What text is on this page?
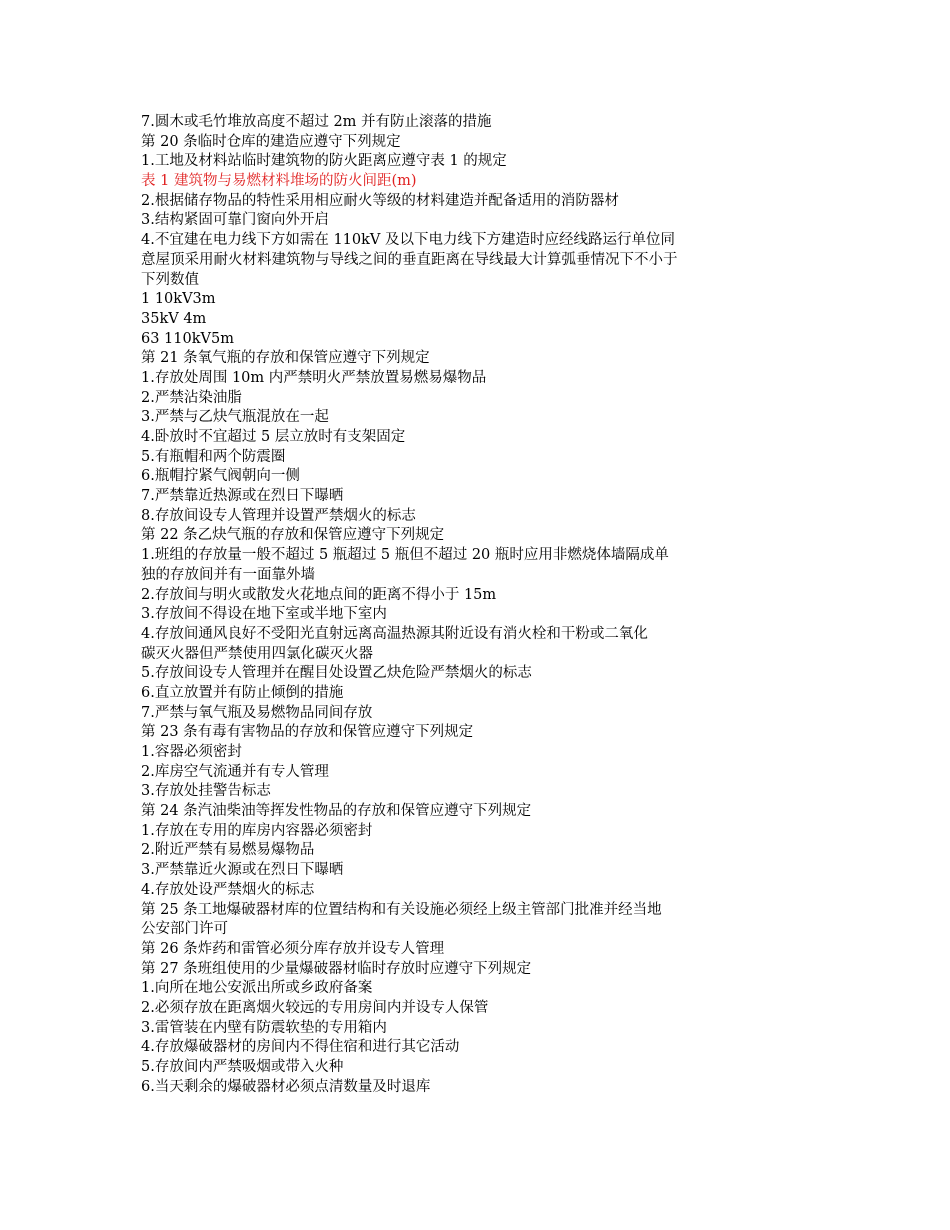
7.圆木或毛竹堆放高度不超过 2m 并有防止滚落的措施
第 20 条临时仓库的建造应遵守下列规定
1.工地及材料站临时建筑物的防火距离应遵守表 1 的规定
表 1 建筑物与易燃材料堆场的防火间距(m)
2.根据储存物品的特性采用相应耐火等级的材料建造并配备适用的消防器材
3.结构紧固可靠门窗向外开启
4.不宜建在电力线下方如需在 110kV 及以下电力线下方建造时应经线路运行单位同
意屋顶采用耐火材料建筑物与导线之间的垂直距离在导线最大计算弧垂情况下不小于
下列数值
1 10kV3m
35kV 4m
63 110kV5m
第 21 条氧气瓶的存放和保管应遵守下列规定
1.存放处周围 10m 内严禁明火严禁放置易燃易爆物品
2.严禁沾染油脂
3.严禁与乙炔气瓶混放在一起
4.卧放时不宜超过 5 层立放时有支架固定
5.有瓶帽和两个防震圈
6.瓶帽拧紧气阀朝向一侧
7.严禁靠近热源或在烈日下曝晒
8.存放间设专人管理并设置严禁烟火的标志
第 22 条乙炔气瓶的存放和保管应遵守下列规定
1.班组的存放量一般不超过 5 瓶超过 5 瓶但不超过 20 瓶时应用非燃烧体墙隔成单
独的存放间并有一面靠外墙
2.存放间与明火或散发火花地点间的距离不得小于 15m
3.存放间不得设在地下室或半地下室内
4.存放间通风良好不受阳光直射远离高温热源其附近设有消火栓和干粉或二氧化
碳灭火器但严禁使用四氯化碳灭火器
5.存放间设专人管理并在醒目处设置乙炔危险严禁烟火的标志
6.直立放置并有防止倾倒的措施
7.严禁与氧气瓶及易燃物品同间存放
第 23 条有毒有害物品的存放和保管应遵守下列规定
1.容器必须密封
2.库房空气流通并有专人管理
3.存放处挂警告标志
第 24 条汽油柴油等挥发性物品的存放和保管应遵守下列规定
1.存放在专用的库房内容器必须密封
2.附近严禁有易燃易爆物品
3.严禁靠近火源或在烈日下曝晒
4.存放处设严禁烟火的标志
第 25 条工地爆破器材库的位置结构和有关设施必须经上级主管部门批准并经当地
公安部门许可
第 26 条炸药和雷管必须分库存放并设专人管理
第 27 条班组使用的少量爆破器材临时存放时应遵守下列规定
1.向所在地公安派出所或乡政府备案
2.必须存放在距离烟火较远的专用房间内并设专人保管
3.雷管装在内壁有防震软垫的专用箱内
4.存放爆破器材的房间内不得住宿和进行其它活动
5.存放间内严禁吸烟或带入火种
6.当天剩余的爆破器材必须点清数量及时退库
